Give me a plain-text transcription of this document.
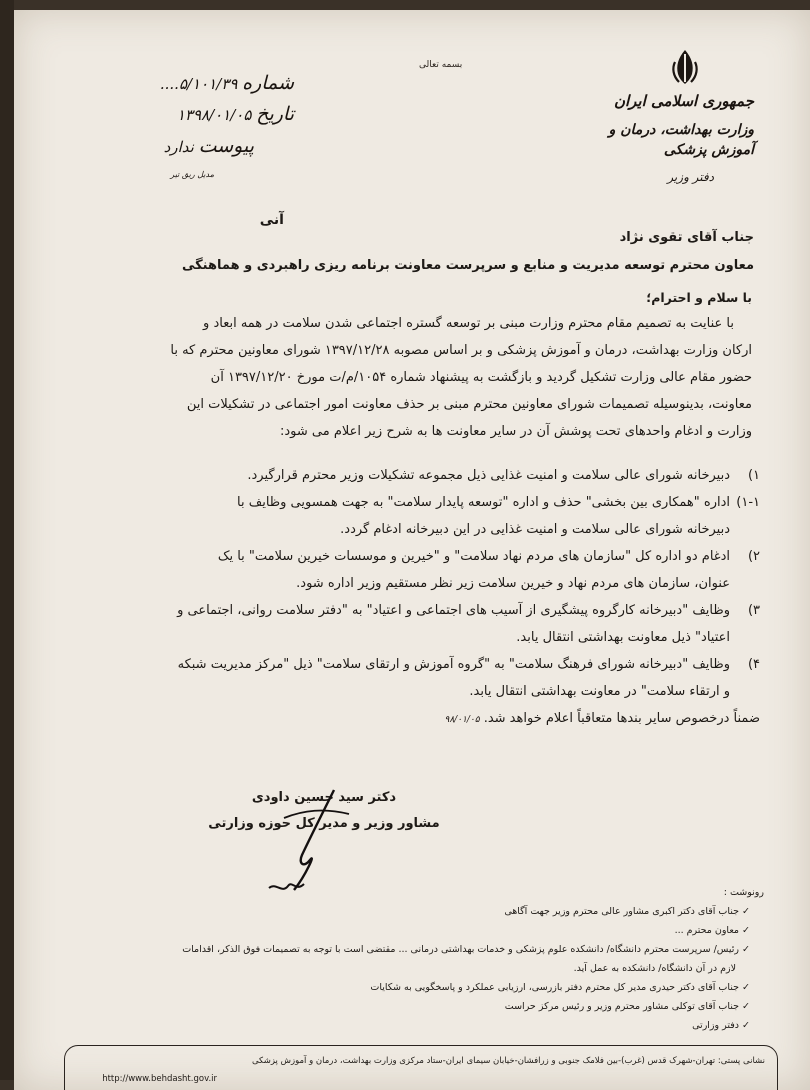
بسمه تعالی
جمهوری اسلامی ایران
وزارت بهداشت، درمان و آموزش پزشکی
دفتر وزیر
شماره ۵/۱۰۱/۳۹....
تاریخ ۱۳۹۸/۰۱/۰۵
پیوست ندارد
مدیل ریق تیر
آنی
جناب آقای تقوی نژاد
معاون محترم توسعه مدیریت و منابع و سرپرست معاونت برنامه ریزی راهبردی و هماهنگی
با سلام و احترام؛
با عنایت به تصمیم مقام محترم وزارت مبنی بر توسعه گستره اجتماعی شدن سلامت در همه ابعاد و
ارکان وزارت بهداشت، درمان و آموزش پزشکی و بر اساس مصوبه ۱۳۹۷/۱۲/۲۸ شورای معاونین محترم که با
حضور مقام عالی وزارت تشکیل گردید و بازگشت به پیشنهاد شماره ۱۰۵۴/م/ت مورخ ۱۳۹۷/۱۲/۲۰ آن
معاونت، بدینوسیله تصمیمات شورای معاونین محترم مبنی بر حذف معاونت امور اجتماعی در تشکیلات این
وزارت و ادغام واحدهای تحت پوشش آن در سایر معاونت ها به شرح زیر اعلام می شود:
۱)
دبیرخانه شورای عالی سلامت و امنیت غذایی ذیل مجموعه تشکیلات وزیر محترم قرارگیرد.
۱-۱)
اداره "همکاری بین بخشی" حذف و اداره "توسعه پایدار سلامت" به جهت همسویی وظایف با
دبیرخانه شورای عالی سلامت و امنیت غذایی در این دبیرخانه ادغام گردد.
۲)
ادغام دو اداره کل "سازمان های مردم نهاد سلامت" و "خیرین و موسسات خیرین سلامت" با یک
عنوان، سازمان های مردم نهاد و خیرین سلامت زیر نظر مستقیم وزیر اداره شود.
۳)
وظایف "دبیرخانه کارگروه پیشگیری از آسیب های اجتماعی و اعتیاد" به "دفتر سلامت روانی، اجتماعی و
اعتیاد" ذیل معاونت بهداشتی انتقال یابد.
۴)
وظایف "دبیرخانه شورای فرهنگ سلامت" به "گروه آموزش و ارتقای سلامت" ذیل "مرکز مدیریت شبکه
و ارتقاء سلامت" در معاونت بهداشتی انتقال یابد.
ضمناً درخصوص سایر بندها متعاقباً اعلام خواهد شد. ۹۸/۰۱/۰۵
دکتر سید حسین داودی
مشاور وزیر و مدیر کل حوزه وزارتی
رونوشت :
✓ جناب آقای دکتر اکبری مشاور عالی محترم وزیر جهت آگاهی
✓ معاون محترم ...
✓ رئیس/ سرپرست محترم دانشگاه/ دانشکده علوم پزشکی و خدمات بهداشتی درمانی ... مقتضی است با توجه به تصمیمات فوق الذکر، اقدامات
لازم در آن دانشگاه/ دانشکده به عمل آید.
✓ جناب آقای دکتر حیدری مدیر کل محترم دفتر بازرسی، ارزیابی عملکرد و پاسخگویی به شکایات
✓ جناب آقای توکلی مشاور محترم وزیر و رئیس مرکز حراست
✓ دفتر وزارتی
نشانی پستی: تهران-شهرک قدس (غرب)-بین فلامک جنوبی و زرافشان-خیابان سیمای ایران-ستاد مرکزی وزارت بهداشت، درمان و آموزش پزشکی
http://www.behdasht.gov.ir
